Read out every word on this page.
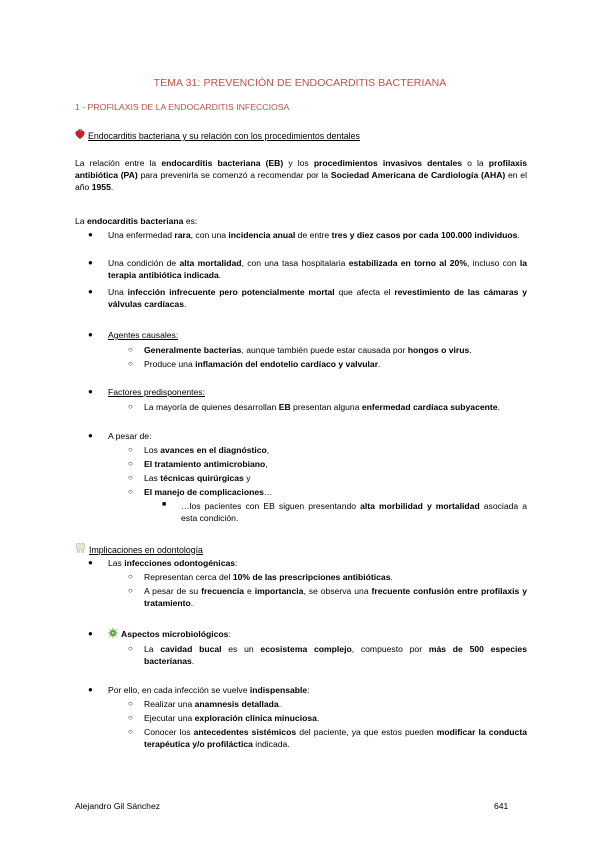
TEMA 31: PREVENCIÓN DE ENDOCARDITIS BACTERIANA
1 - PROFILAXIS DE LA ENDOCARDITIS INFECCIOSA
Endocarditis bacteriana y su relación con los procedimientos dentales
La relación entre la endocarditis bacteriana (EB) y los procedimientos invasivos dentales o la profilaxis antibiótica (PA) para prevenirla se comenzó a recomendar por la Sociedad Americana de Cardiología (AHA) en el año 1955.
La endocarditis bacteriana es:
● Una enfermedad rara, con una incidencia anual de entre tres y diez casos por cada 100.000 individuos.
● Una condición de alta mortalidad, con una tasa hospitalaria estabilizada en torno al 20%, incluso con la terapia antibiótica indicada.
● Una infección infrecuente pero potencialmente mortal que afecta el revestimiento de las cámaras y válvulas cardíacas.
● Agentes causales:
○ Generalmente bacterias, aunque también puede estar causada por hongos o virus.
○ Produce una inflamación del endotelio cardíaco y valvular.
● Factores predisponentes:
○ La mayoría de quienes desarrollan EB presentan alguna enfermedad cardíaca subyacente.
● A pesar de:
○ Los avances en el diagnóstico,
○ El tratamiento antimicrobiano,
○ Las técnicas quirúrgicas y
○ El manejo de complicaciones…
■ …los pacientes con EB siguen presentando alta morbilidad y mortalidad asociada a esta condición.
Implicaciones en odontología
● Las infecciones odontogénicas:
○ Representan cerca del 10% de las prescripciones antibióticas.
○ A pesar de su frecuencia e importancia, se observa una frecuente confusión entre profilaxis y tratamiento.
●	Aspectos microbiológicos:
○ La cavidad bucal es un ecosistema complejo, compuesto por más de 500 especies bacterianas.
● Por ello, en cada infección se vuelve indispensable:
○ Realizar una anamnesis detallada.
○ Ejecutar una exploración clínica minuciosa.
○ Conocer los antecedentes sistémicos del paciente, ya que estos pueden modificar la conducta terapéutica y/o profiláctica indicada.
Alejandro Gil Sánchez	641
